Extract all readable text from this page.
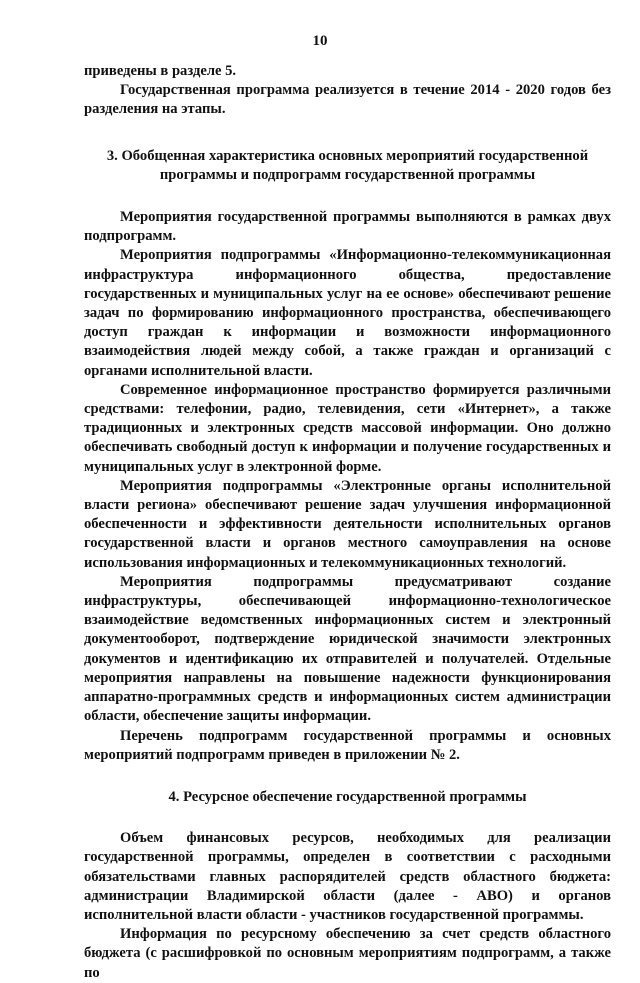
10

приведены в разделе 5.

Государственная программа реализуется в течение 2014 - 2020 годов без разделения на этапы.

3. Обобщенная характеристика основных мероприятий государственной программы и подпрограмм государственной программы

Мероприятия государственной программы выполняются в рамках двух подпрограмм.

Мероприятия подпрограммы «Информационно-телекоммуникационная инфраструктура информационного общества, предоставление государственных и муниципальных услуг на ее основе» обеспечивают решение задач по формированию информационного пространства, обеспечивающего доступ граждан к информации и возможности информационного взаимодействия людей между собой, а также граждан и организаций с органами исполнительной власти.

Современное информационное пространство формируется различными средствами: телефонии, радио, телевидения, сети «Интернет», а также традиционных и электронных средств массовой информации. Оно должно обеспечивать свободный доступ к информации и получение государственных и муниципальных услуг в электронной форме.

Мероприятия подпрограммы «Электронные органы исполнительной власти региона» обеспечивают решение задач улучшения информационной обеспеченности и эффективности деятельности исполнительных органов государственной власти и органов местного самоуправления на основе использования информационных и телекоммуникационных технологий.

Мероприятия подпрограммы предусматривают создание инфраструктуры, обеспечивающей информационно-технологическое взаимодействие ведомственных информационных систем и электронный документооборот, подтверждение юридической значимости электронных документов и идентификацию их отправителей и получателей. Отдельные мероприятия направлены на повышение надежности функционирования аппаратно-программных средств и информационных систем администрации области, обеспечение защиты информации.

Перечень подпрограмм государственной программы и основных мероприятий подпрограмм приведен в приложении № 2.

4. Ресурсное обеспечение государственной программы

Объем финансовых ресурсов, необходимых для реализации государственной программы, определен в соответствии с расходными обязательствами главных распорядителей средств областного бюджета: администрации Владимирской области (далее - АВО) и органов исполнительной власти области - участников государственной программы.

Информация по ресурсному обеспечению за счет средств областного бюджета (с расшифровкой по основным мероприятиям подпрограмм, а также по
